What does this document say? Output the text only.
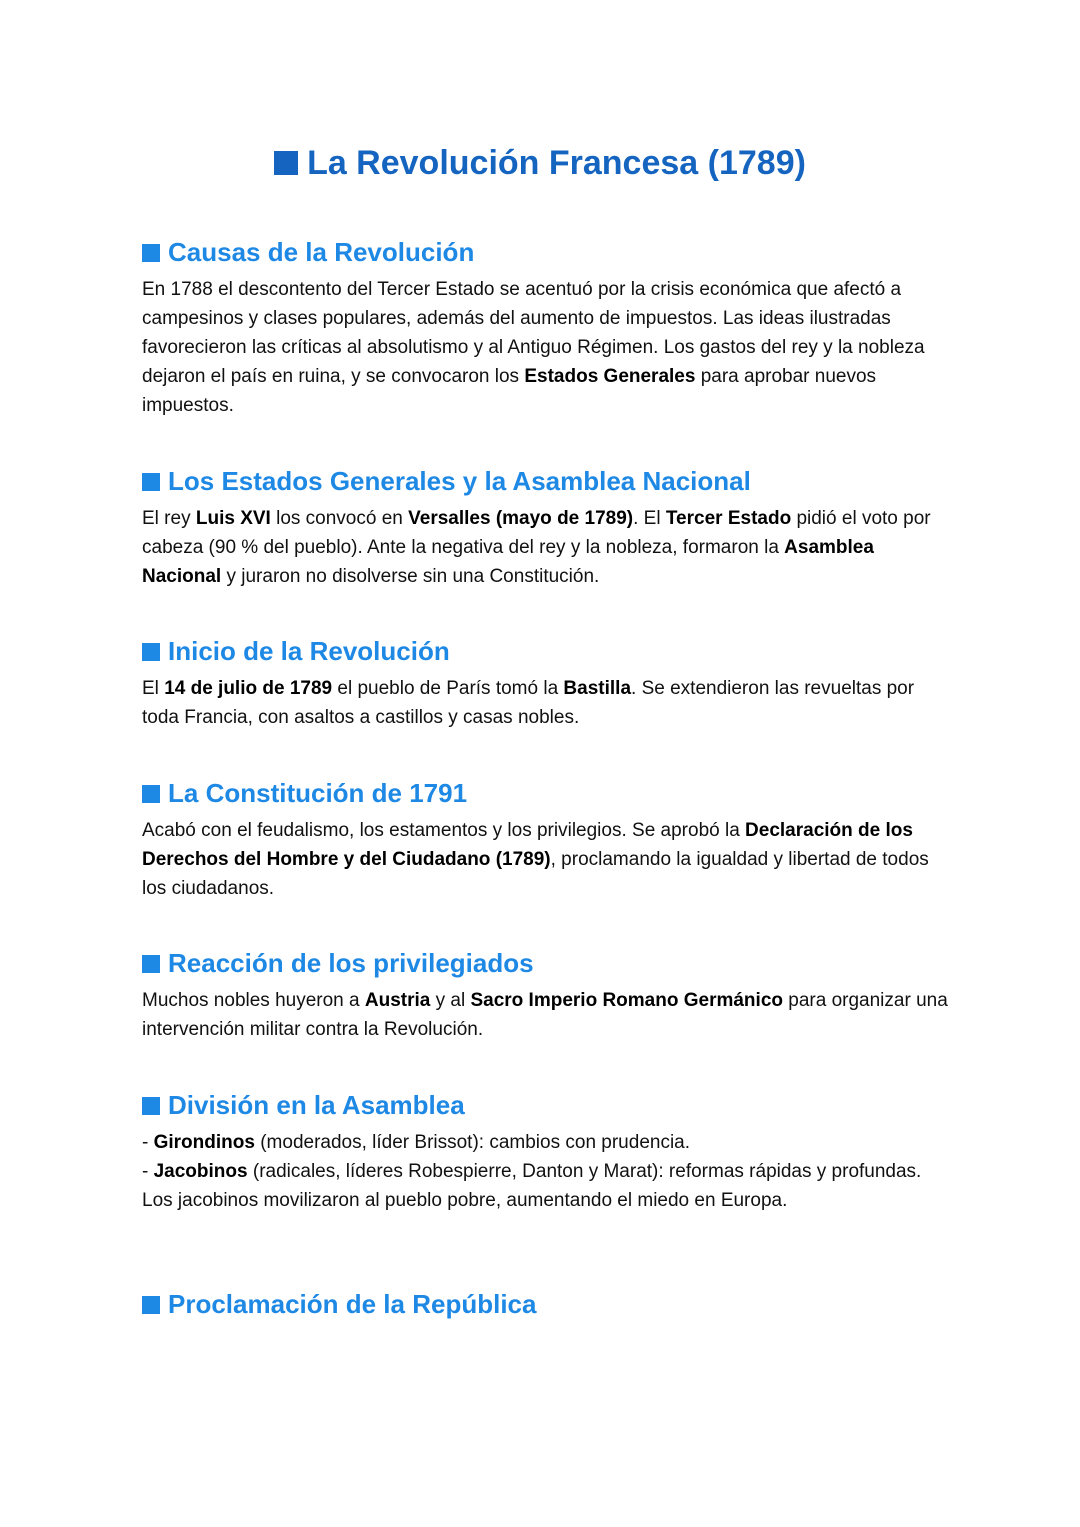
La Revolución Francesa (1789)
Causas de la Revolución
En 1788 el descontento del Tercer Estado se acentuó por la crisis económica que afectó a campesinos y clases populares, además del aumento de impuestos. Las ideas ilustradas favorecieron las críticas al absolutismo y al Antiguo Régimen. Los gastos del rey y la nobleza dejaron el país en ruina, y se convocaron los Estados Generales para aprobar nuevos impuestos.
Los Estados Generales y la Asamblea Nacional
El rey Luis XVI los convocó en Versalles (mayo de 1789). El Tercer Estado pidió el voto por cabeza (90 % del pueblo). Ante la negativa del rey y la nobleza, formaron la Asamblea Nacional y juraron no disolverse sin una Constitución.
Inicio de la Revolución
El 14 de julio de 1789 el pueblo de París tomó la Bastilla. Se extendieron las revueltas por toda Francia, con asaltos a castillos y casas nobles.
La Constitución de 1791
Acabó con el feudalismo, los estamentos y los privilegios. Se aprobó la Declaración de los Derechos del Hombre y del Ciudadano (1789), proclamando la igualdad y libertad de todos los ciudadanos.
Reacción de los privilegiados
Muchos nobles huyeron a Austria y al Sacro Imperio Romano Germánico para organizar una intervención militar contra la Revolución.
División en la Asamblea
- Girondinos (moderados, líder Brissot): cambios con prudencia.
- Jacobinos (radicales, líderes Robespierre, Danton y Marat): reformas rápidas y profundas.
Los jacobinos movilizaron al pueblo pobre, aumentando el miedo en Europa.
Proclamación de la República
